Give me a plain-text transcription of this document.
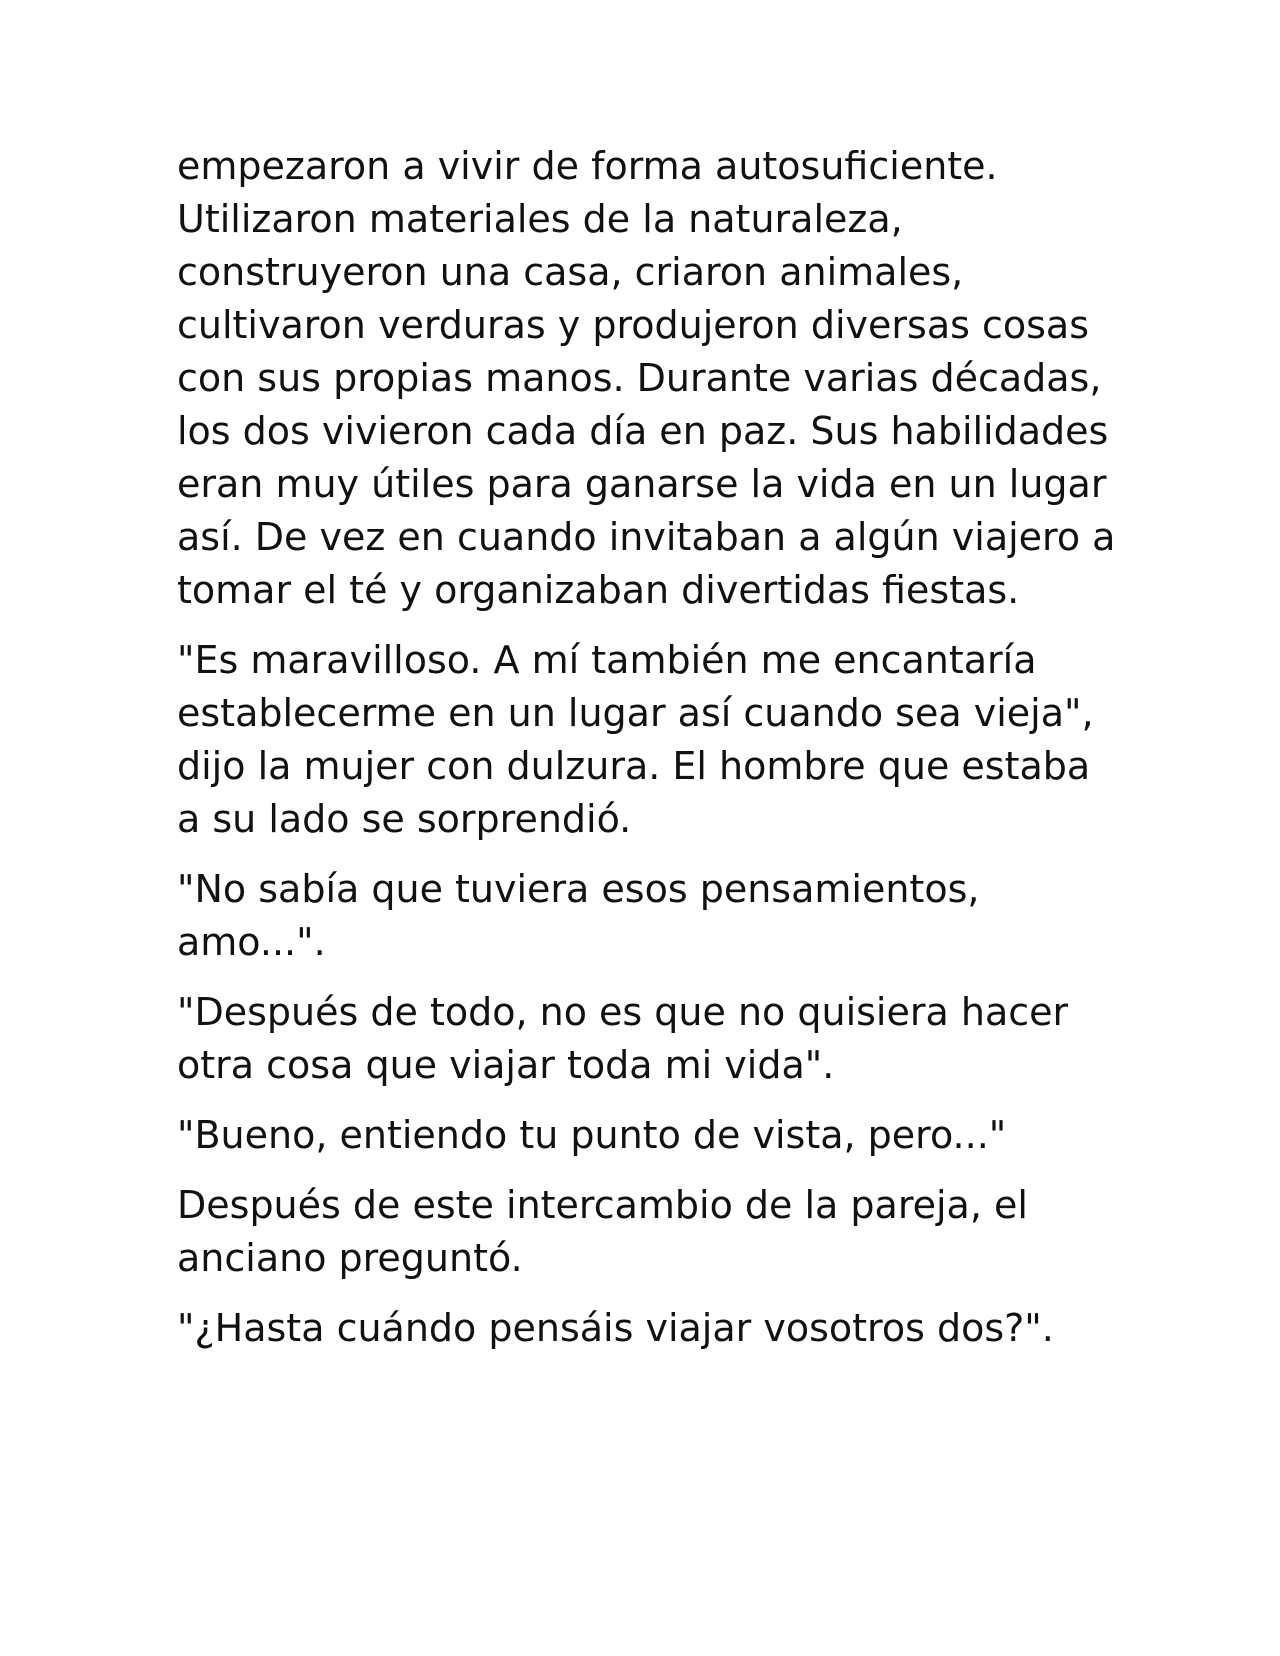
empezaron a vivir de forma autosuficiente. Utilizaron materiales de la naturaleza, construyeron una casa, criaron animales, cultivaron verduras y produjeron diversas cosas con sus propias manos. Durante varias décadas, los dos vivieron cada día en paz. Sus habilidades eran muy útiles para ganarse la vida en un lugar así. De vez en cuando invitaban a algún viajero a tomar el té y organizaban divertidas fiestas.

"Es maravilloso. A mí también me encantaría establecerme en un lugar así cuando sea vieja", dijo la mujer con dulzura. El hombre que estaba a su lado se sorprendió.

"No sabía que tuviera esos pensamientos, amo...".

"Después de todo, no es que no quisiera hacer otra cosa que viajar toda mi vida".

"Bueno, entiendo tu punto de vista, pero..."

Después de este intercambio de la pareja, el anciano preguntó.

"¿Hasta cuándo pensáis viajar vosotros dos?".
